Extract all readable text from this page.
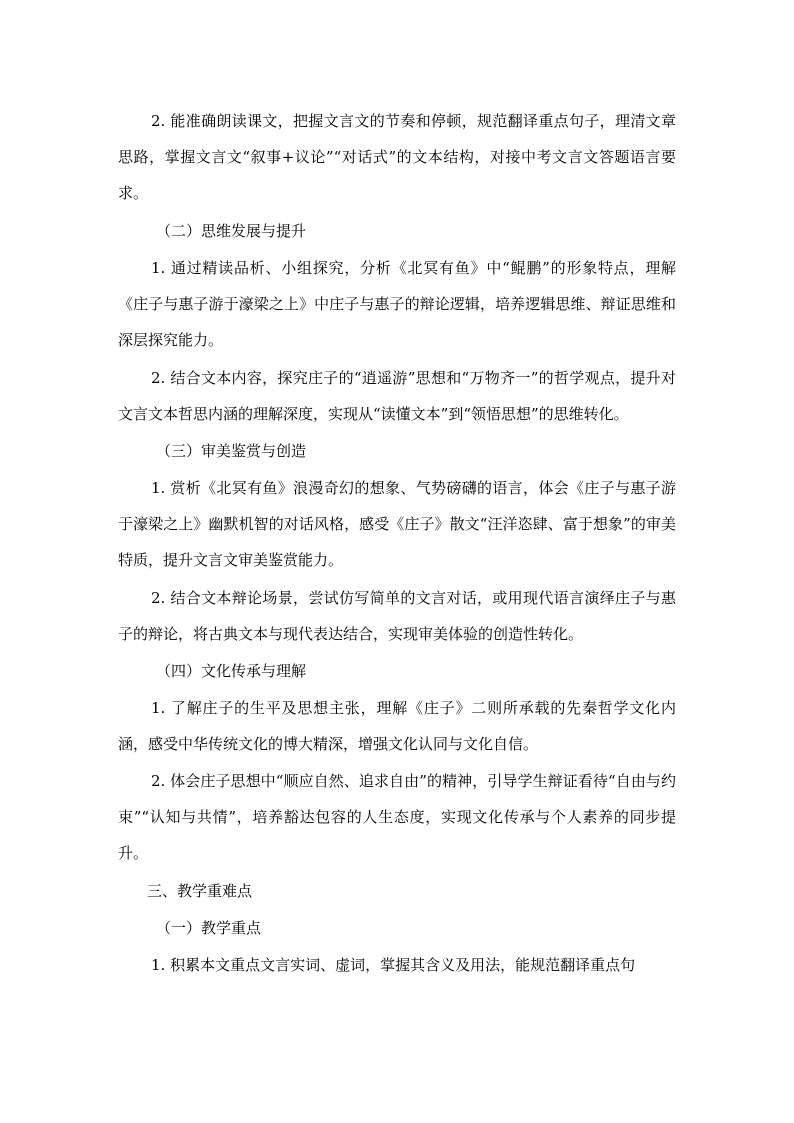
2. 能准确朗读课文，把握文言文的节奏和停顿，规范翻译重点句子，理清文章思路，掌握文言文“叙事+议论”“对话式”的文本结构，对接中考文言文答题语言要求。

（二）思维发展与提升

1. 通过精读品析、小组探究，分析《北冥有鱼》中“鲲鹏”的形象特点，理解《庄子与惠子游于濠梁之上》中庄子与惠子的辩论逻辑，培养逻辑思维、辩证思维和深层探究能力。

2. 结合文本内容，探究庄子的“逍遥游”思想和“万物齐一”的哲学观点，提升对文言文本哲思内涵的理解深度，实现从“读懂文本”到“领悟思想”的思维转化。

（三）审美鉴赏与创造

1. 赏析《北冥有鱼》浪漫奇幻的想象、气势磅礴的语言，体会《庄子与惠子游于濠梁之上》幽默机智的对话风格，感受《庄子》散文“汪洋恣肆、富于想象”的审美特质，提升文言文审美鉴赏能力。

2. 结合文本辩论场景，尝试仿写简单的文言对话，或用现代语言演绎庄子与惠子的辩论，将古典文本与现代表达结合，实现审美体验的创造性转化。

（四）文化传承与理解

1. 了解庄子的生平及思想主张，理解《庄子》二则所承载的先秦哲学文化内涵，感受中华传统文化的博大精深，增强文化认同与文化自信。

2. 体会庄子思想中“顺应自然、追求自由”的精神，引导学生辩证看待“自由与约束”“认知与共情”，培养豁达包容的人生态度，实现文化传承与个人素养的同步提升。

三、教学重难点

（一）教学重点

1. 积累本文重点文言实词、虚词，掌握其含义及用法，能规范翻译重点句
